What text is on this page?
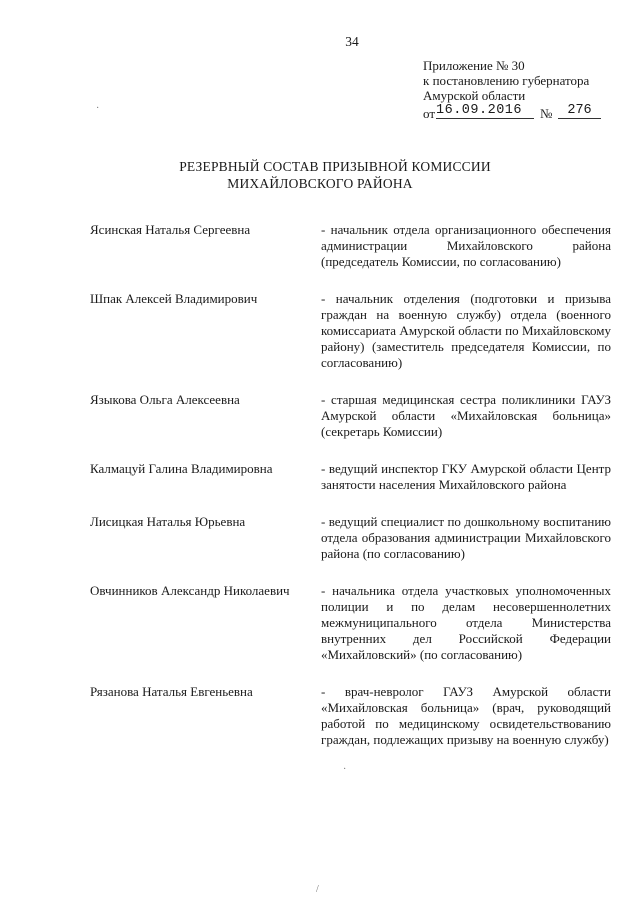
34
Приложение № 30
к постановлению губернатора
Амурской области
от 16.09.2016	№	276
РЕЗЕРВНЫЙ СОСТАВ ПРИЗЫВНОЙ КОМИССИИ
МИХАЙЛОВСКОГО РАЙОНА
Ясинская Наталья Сергеевна	- начальник отдела организационного обеспечения администрации Михайловского района (председатель Комиссии, по согласованию)
Шпак Алексей Владимирович	- начальник отделения (подготовки и призыва граждан на военную службу) отдела (военного комиссариата Амурской области по Михайловскому району) (заместитель председателя Комиссии, по согласованию)
Языкова Ольга Алексеевна	- старшая медицинская сестра поликлиники ГАУЗ Амурской области «Михайловская больница» (секретарь Комиссии)
Калмацуй Галина Владимировна	- ведущий инспектор ГКУ Амурской области Центр занятости населения Михайловского района
Лисицкая Наталья Юрьевна	- ведущий специалист по дошкольному воспитанию отдела образования администрации Михайловского района (по согласованию)
Овчинников Александр Николаевич	- начальника отдела участковых уполномоченных полиции и по делам несовершеннолетних межмуниципального отдела Министерства внутренних дел Российской Федерации «Михайловский» (по согласованию)
Рязанова Наталья Евгеньевна	- врач-невролог ГАУЗ Амурской области «Михайловская больница» (врач, руководящий работой по медицинскому освидетельствованию граждан, подлежащих призыву на военную службу)
·
·
/
